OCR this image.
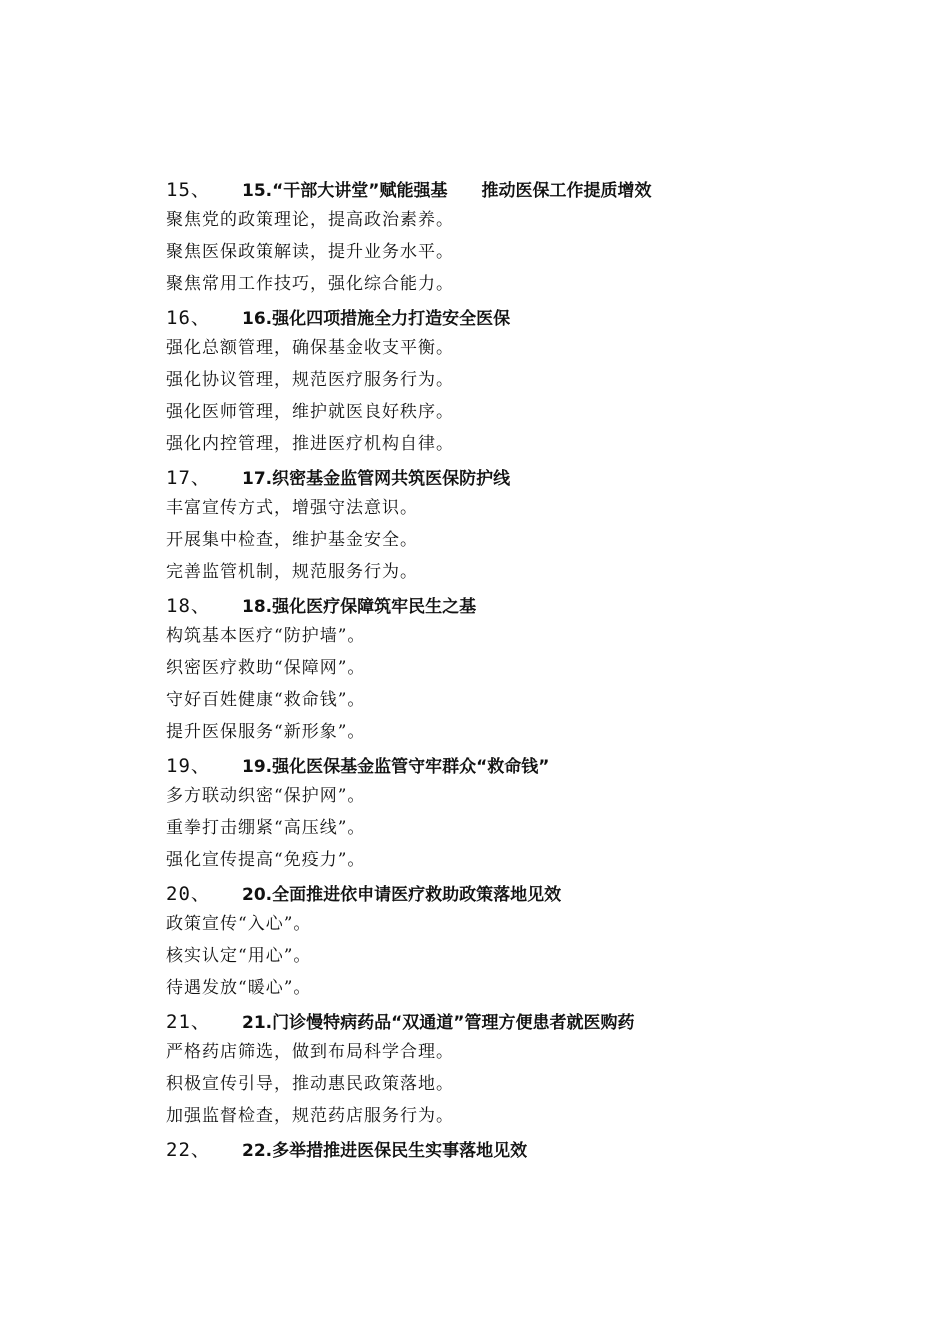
15、	15.“干部大讲堂”赋能强基　　推动医保工作提质增效
聚焦党的政策理论，提高政治素养。
聚焦医保政策解读，提升业务水平。
聚焦常用工作技巧，强化综合能力。
16、	16.强化四项措施全力打造安全医保
强化总额管理，确保基金收支平衡。
强化协议管理，规范医疗服务行为。
强化医师管理，维护就医良好秩序。
强化内控管理，推进医疗机构自律。
17、	17.织密基金监管网共筑医保防护线
丰富宣传方式，增强守法意识。
开展集中检查，维护基金安全。
完善监管机制，规范服务行为。
18、	18.强化医疗保障筑牢民生之基
构筑基本医疗“防护墙”。
织密医疗救助“保障网”。
守好百姓健康“救命钱”。
提升医保服务“新形象”。
19、	19.强化医保基金监管守牢群众“救命钱”
多方联动织密“保护网”。
重拳打击绷紧“高压线”。
强化宣传提高“免疫力”。
20、	20.全面推进依申请医疗救助政策落地见效
政策宣传“入心”。
核实认定“用心”。
待遇发放“暖心”。
21、	21.门诊慢特病药品“双通道”管理方便患者就医购药
严格药店筛选，做到布局科学合理。
积极宣传引导，推动惠民政策落地。
加强监督检查，规范药店服务行为。
22、	22.多举措推进医保民生实事落地见效
